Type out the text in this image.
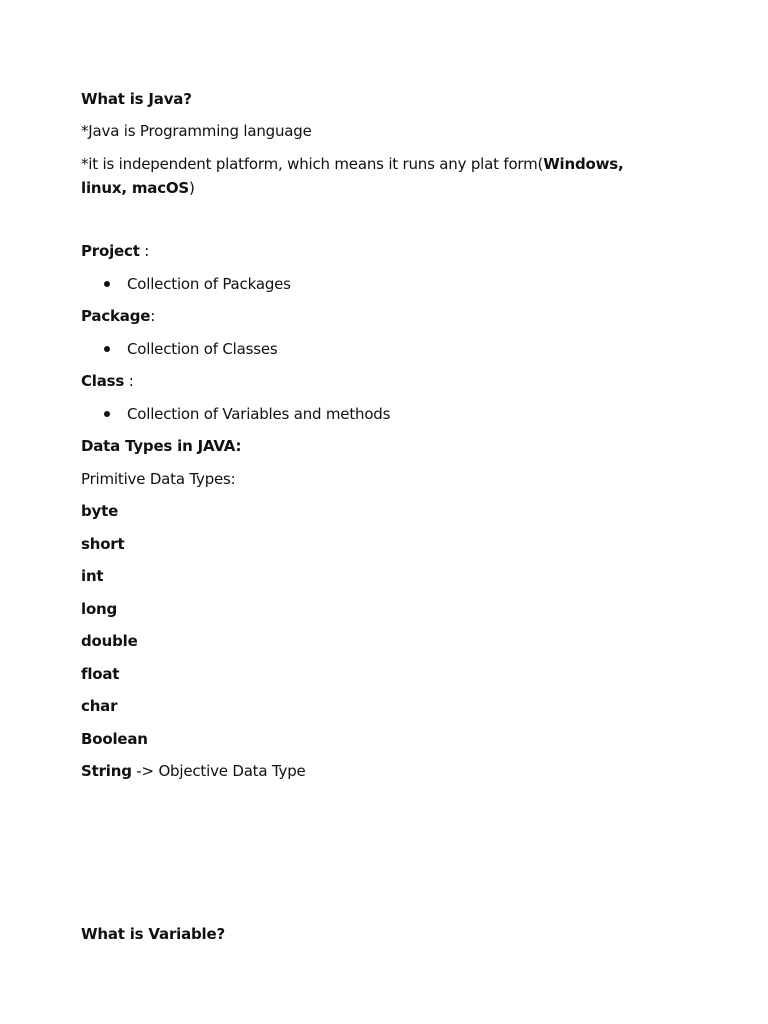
What is Java?
*Java is Programming language
*it is independent platform, which means it runs any plat form(Windows,
linux, macOS)
Project :
Collection of Packages
Package:
Collection of Classes
Class :
Collection of Variables and methods
Data Types in JAVA:
Primitive Data Types:
byte
short
int
long
double
float
char
Boolean
String -> Objective Data Type
What is Variable?
